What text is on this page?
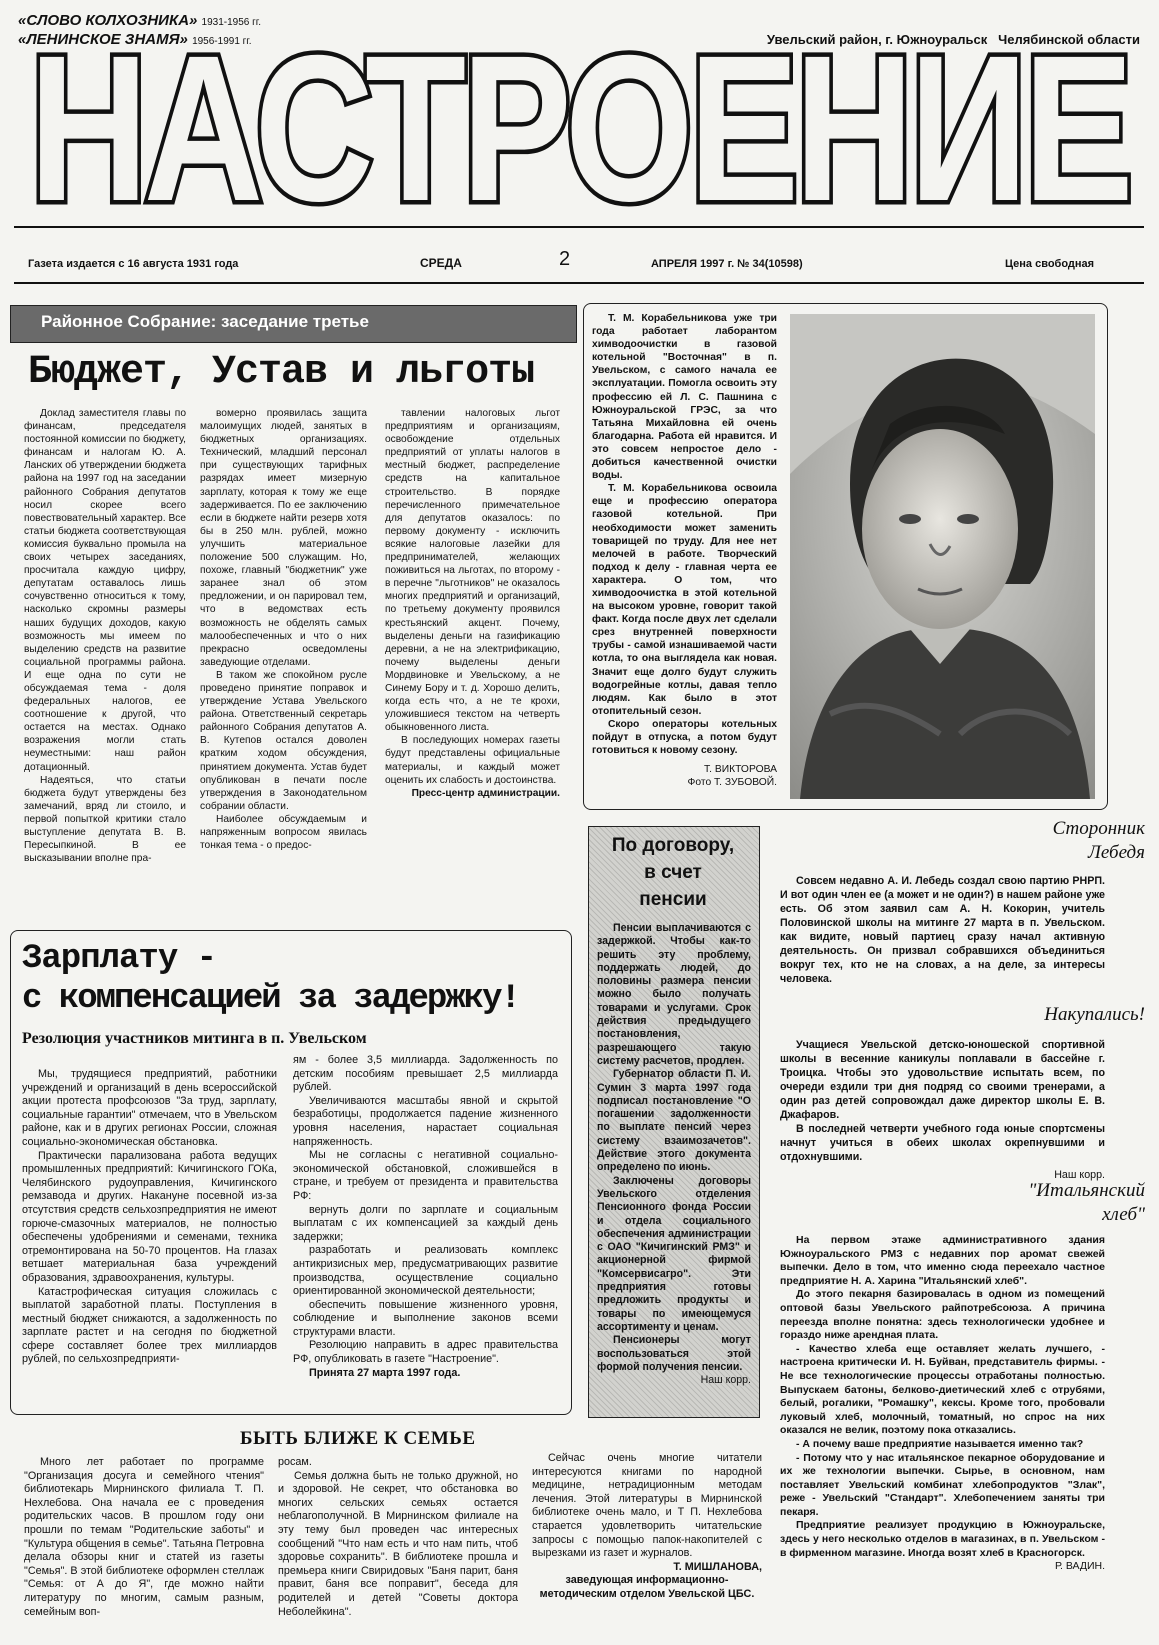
«СЛОВО КОЛХОЗНИКА» 1931-1956 гг.
«ЛЕНИНСКОЕ ЗНАМЯ» 1956-1991 гг.	Увельский район, г. Южноуральск   Челябинской области
НАСТРОЕНИЕ
Газета издается с 16 августа 1931 года	СРЕДА	2	АПРЕЛЯ 1997 г. № 34(10598)	Цена свободная
Районное Собрание: заседание третье
Бюджет, Устав и льготы

Доклад заместителя главы по финансам, председателя постоянной комиссии по бюджету, финансам и налогам Ю. А. Ланских об утверждении бюджета района на 1997 год на заседании районного Собрания депутатов носил скорее всего повествовательный характер. Все статьи бюджета соответствующая комиссия буквально промыла на своих четырех заседаниях, просчитала каждую цифру, депутатам оставалось лишь сочувственно относиться к тому, насколько скромны размеры наших будущих доходов, какую возможность мы имеем по выделению средств на развитие социальной программы района. И еще одна по сути не обсуждаемая тема - доля федеральных налогов, ее соотношение к другой, что остается на местах. Однако возражения могли стать неуместными: наш район дотационный.

Надеяться, что статьи бюджета будут утверждены без замечаний, вряд ли стоило, и первой попыткой критики стало выступление депутата В. В. Пересыпкиной. В ее высказывании вполне пра-

вомерно проявилась защита малоимущих людей, занятых в бюджетных организациях. Технический, младший персонал при существующих тарифных разрядах имеет мизерную зарплату, которая к тому же еще задерживается. По ее заключению если в бюджете найти резерв хотя бы в 250 млн. рублей, можно улучшить материальное положение 500 служащим. Но, похоже, главный "бюджетник" уже заранее знал об этом предложении, и он парировал тем, что в ведомствах есть возможность не обделять самых малообеспеченных и что о них прекрасно осведомлены заведующие отделами.

В таком же спокойном русле проведено принятие поправок и утверждение Устава Увельского района. Ответственный секретарь районного Собрания депутатов А. В. Кутепов остался доволен кратким ходом обсуждения, принятием документа. Устав будет опубликован в печати после утверждения в Законодательном собрании области.

Наиболее обсуждаемым и напряженным вопросом явилась тонкая тема - о предос-

тавлении налоговых льгот предприятиям и организациям, освобождение отдельных предприятий от уплаты налогов в местный бюджет, распределение средств на капитальное строительство. В порядке перечисленного примечательное для депутатов оказалось: по первому документу - исключить всякие налоговые лазейки для предпринимателей, желающих поживиться на льготах, по второму - в перечне "льготников" не оказалось многих предприятий и организаций, по третьему документу проявился крестьянский акцент. Почему, выделены деньги на газификацию деревни, а не на электрификацию, почему выделены деньги Мордвиновке и Увельскому, а не Синему Бору и т. д. Хорошо делить, когда есть что, а не те крохи, уложившиеся текстом на четверть обыкновенного листа.

В последующих номерах газеты будут представлены официальные материалы, и каждый может оценить их слабость и достоинства.

Пресс-центр администрации.

Т. М. Корабельникова уже три года работает лаборантом химводоочистки в газовой котельной "Восточная" в п. Увельском, с самого начала ее эксплуатации. Помогла освоить эту профессию ей Л. С. Пашнина с Южноуральской ГРЭС, за что Татьяна Михайловна ей очень благодарна. Работа ей нравится. И это совсем непростое дело - добиться качественной очистки воды.

Т. М. Корабельникова освоила еще и профессию оператора газовой котельной. При необходимости может заменить товарищей по труду. Для нее нет мелочей в работе. Творческий подход к делу - главная черта ее характера. О том, что химводоочистка в этой котельной на высоком уровне, говорит такой факт. Когда после двух лет сделали срез внутренней поверхности трубы - самой изнашиваемой части котла, то она выглядела как новая. Значит еще долго будут служить водогрейные котлы, давая тепло людям. Как было в этот отопительный сезон.

Скоро операторы котельных пойдут в отпуска, а потом будут готовиться к новому сезону.

Т. ВИКТОРОВА

Фото Т. ЗУБОВОЙ.

Зарплату -
с компенсацией за задержку!
Резолюция участников митинга в п. Увельском

Мы, трудящиеся предприятий, работники учреждений и организаций в день всероссийской акции протеста профсоюзов "За труд, зарплату, социальные гарантии" отмечаем, что в Увельском районе, как и в других регионах России, сложная социально-экономическая обстановка.

Практически парализована работа ведущих промышленных предприятий: Кичигинского ГОКа, Челябинского рудоуправления, Кичигинского ремзавода и других. Накануне посевной из-за отсутствия средств сельхозпредприятия не имеют горюче-смазочных материалов, не полностью обеспечены удобрениями и семенами, техника отремонтирована на 50-70 процентов. На глазах ветшает материальная база учреждений образования, здравоохранения, культуры.

Катастрофическая ситуация сложилась с выплатой заработной платы. Поступления в местный бюджет снижаются, а задолженность по зарплате растет и на сегодня по бюджетной сфере составляет более трех миллиардов рублей, по сельхозпредприяти-

ям - более 3,5 миллиарда. Задолженность по детским пособиям превышает 2,5 миллиарда рублей.

Увеличиваются масштабы явной и скрытой безработицы, продолжается падение жизненного уровня населения, нарастает социальная напряженность.

Мы не согласны с негативной социально-экономической обстановкой, сложившейся в стране, и требуем от президента и правительства РФ:

вернуть долги по зарплате и социальным выплатам с их компенсацией за каждый день задержки;

разработать и реализовать комплекс антикризисных мер, предусматривающих развитие производства, осуществление социально ориентированной экономической деятельности;

обеспечить повышение жизненного уровня, соблюдение и выполнение законов всеми структурами власти.

Резолюцию направить в адрес правительства РФ, опубликовать в газете "Настроение".

Принята 27 марта 1997 года.

По договору,
в счет
пенсии

Пенсии выплачиваются с задержкой. Чтобы как-то решить эту проблему, поддержать людей, до половины размера пенсии можно было получать товарами и услугами. Срок действия предыдущего постановления, разрешающего такую систему расчетов, продлен.

Губернатор области П. И. Сумин 3 марта 1997 года подписал постановление "О погашении задолженности по выплате пенсий через систему взаимозачетов". Действие этого документа определено по июнь.

Заключены договоры Увельского отделения Пенсионного фонда России и отдела социального обеспечения администрации с ОАО "Кичигинский РМЗ" и акционерной фирмой "Комсервисагро". Эти предприятия готовы предложить продукты и товары по имеющемуся ассортименту и ценам.

Пенсионеры могут воспользоваться этой формой получения пенсии.

Наш корр.

Сторонник
Лебедя

Совсем недавно А. И. Лебедь создал свою партию РНРП. И вот один член ее (а может и не один?) в нашем районе уже есть. Об этом заявил сам А. Н. Кокорин, учитель Половинской школы на митинге 27 марта в п. Увельском. как видите, новый партиец сразу начал активную деятельность. Он призвал собравшихся объединиться вокруг тех, кто не на словах, а на деле, за интересы человека.

Накупались!

Учащиеся Увельской детско-юношеской спортивной школы в весенние каникулы поплавали в бассейне г. Троицка. Чтобы это удовольствие испытать всем, по очереди ездили три дня подряд со своими тренерами, а один раз детей сопровождал даже директор школы Е. В. Джафаров.

В последней четверти учебного года юные спортсмены начнут учиться в обеих школах окрепнувшими и отдохнувшими.

Наш корр.

"Итальянский
хлеб"

На первом этаже административного здания Южноуральского РМЗ с недавних пор аромат свежей выпечки. Дело в том, что именно сюда переехало частное предприятие Н. А. Харина "Итальянский хлеб".

До этого пекарня базировалась в одном из помещений оптовой базы Увельского райпотребсоюза. А причина переезда вполне понятна: здесь технологически удобнее и гораздо ниже арендная плата.

- Качество хлеба еще оставляет желать лучшего, - настроена критически И. Н. Буйван, представитель фирмы. - Не все технологические процессы отработаны полностью. Выпускаем батоны, белково-диетический хлеб с отрубями, белый, рогалики, "Ромашку", кексы. Кроме того, пробовали луковый хлеб, молочный, томатный, но спрос на них оказался не велик, поэтому пока отказались.

- А почему ваше предприятие называется именно так?

- Потому что у нас итальянское пекарное оборудование и их же технологии выпечки. Сырье, в основном, нам поставляет Увельский комбинат хлебопродуктов "Злак", реже - Увельский "Стандарт". Хлебопечением заняты три пекаря.

Предприятие реализует продукцию в Южноуральске, здесь у него несколько отделов в магазинах, в п. Увельском - в фирменном магазине. Иногда возят хлеб в Красногорск.

Р. ВАДИН.

БЫТЬ БЛИЖЕ К СЕМЬЕ

Много лет работает по программе "Организация досуга и семейного чтения" библиотекарь Мирнинского филиала Т. П. Нехлебова. Она начала ее с проведения родительских часов. В прошлом году они прошли по темам "Родительские заботы" и "Культура общения в семье". Татьяна Петровна делала обзоры книг и статей из газеты "Семья". В этой библиотеке оформлен стеллаж "Семья: от А до Я", где можно найти литературу по многим, самым разным, семейным воп-

росам.

Семья должна быть не только дружной, но и здоровой. Не секрет, что обстановка во многих сельских семьях остается неблагополучной. В Мирнинском филиале на эту тему был проведен час интересных сообщений "Что нам есть и что нам пить, чтоб здоровье сохранить". В библиотеке прошла и премьера книги Свиридовых "Баня парит, баня правит, баня все поправит", беседа для родителей и детей "Советы доктора Неболейкина".

Сейчас очень многие читатели интересуются книгами по народной медицине, нетрадиционным методам лечения. Этой литературы в Мирнинской библиотеке очень мало, и Т П. Нехлебова старается удовлетворить читательские запросы с помощью папок-накопителей с вырезками из газет и журналов.

Т. МИШЛАНОВА,

заведующая информационно-методическим отделом Увельской ЦБС.
